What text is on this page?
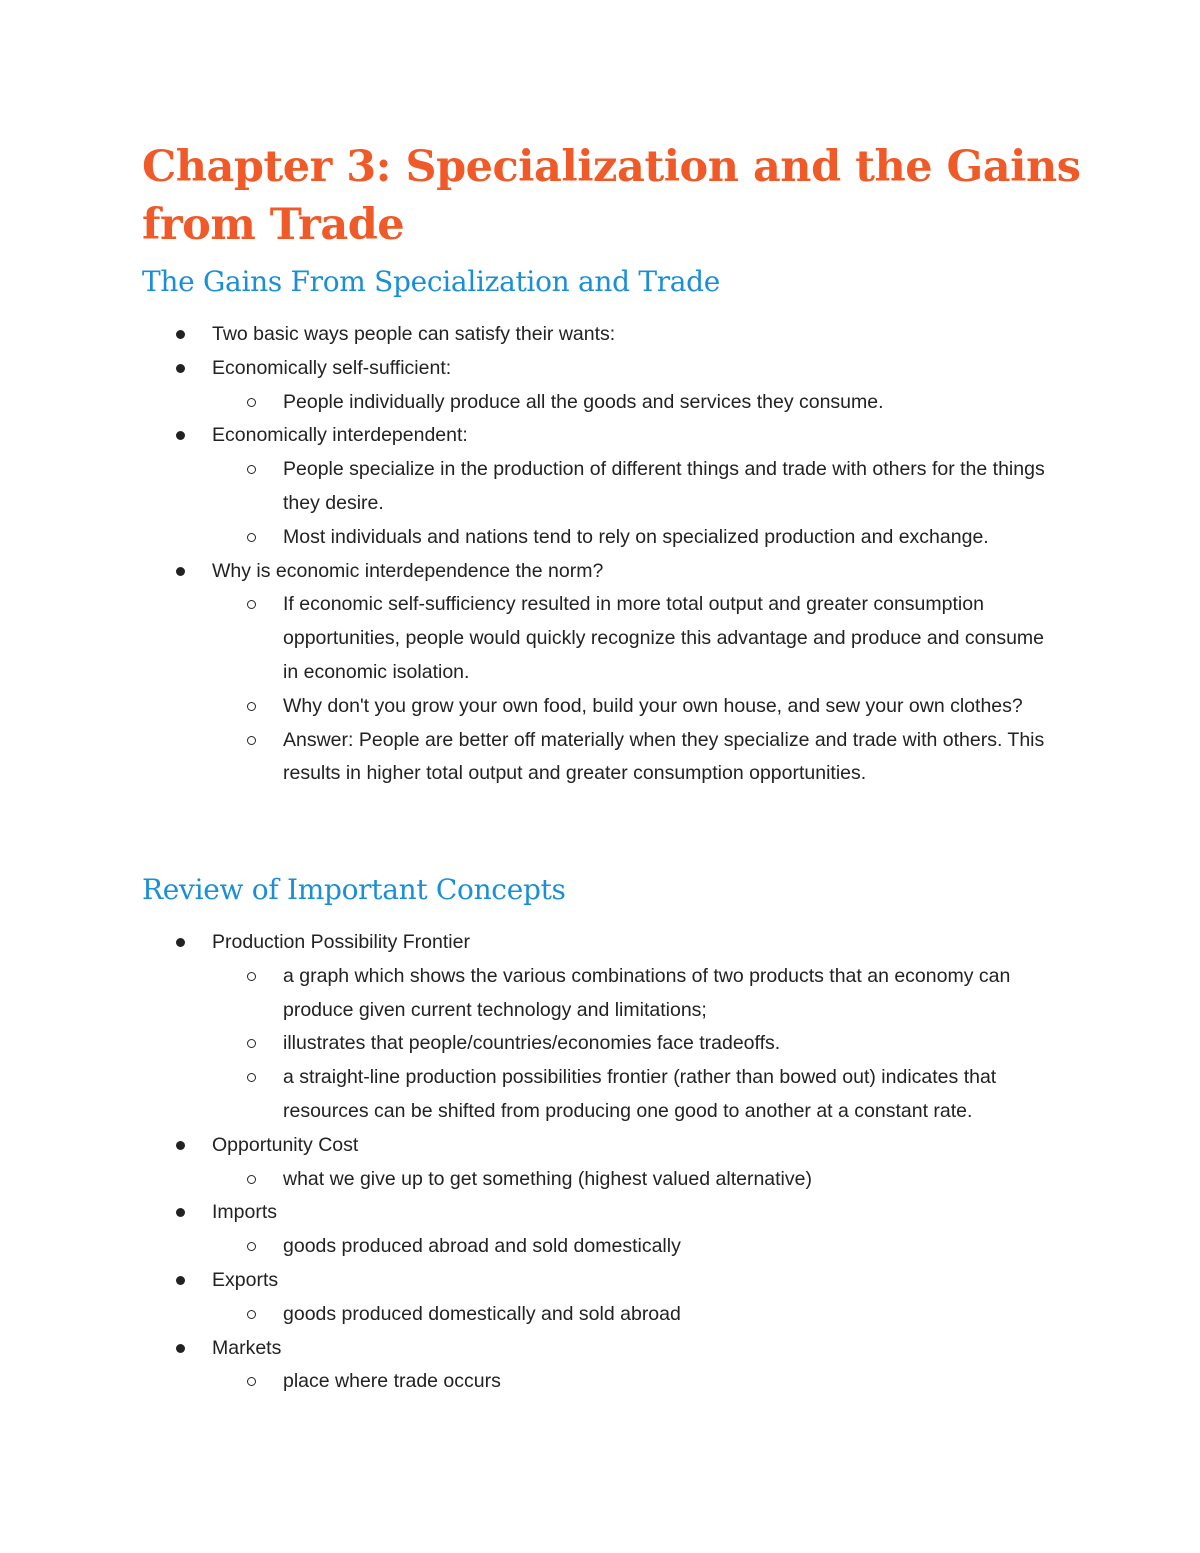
Chapter 3: Specialization and the Gains from Trade
The Gains From Specialization and Trade
Two basic ways people can satisfy their wants:
Economically self-sufficient:
People individually produce all the goods and services they consume.
Economically interdependent:
People specialize in the production of different things and trade with others for the things they desire.
Most individuals and nations tend to rely on specialized production and exchange.
Why is economic interdependence the norm?
If economic self-sufficiency resulted in more total output and greater consumption opportunities, people would quickly recognize this advantage and produce and consume in economic isolation.
Why don't you grow your own food, build your own house, and sew your own clothes?
Answer: People are better off materially when they specialize and trade with others. This results in higher total output and greater consumption opportunities.
Review of Important Concepts
Production Possibility Frontier
a graph which shows the various combinations of two products that an economy can produce given current technology and limitations;
illustrates that people/countries/economies face tradeoffs.
a straight-line production possibilities frontier (rather than bowed out) indicates that resources can be shifted from producing one good to another at a constant rate.
Opportunity Cost
what we give up to get something (highest valued alternative)
Imports
goods produced abroad and sold domestically
Exports
goods produced domestically and sold abroad
Markets
place where trade occurs
